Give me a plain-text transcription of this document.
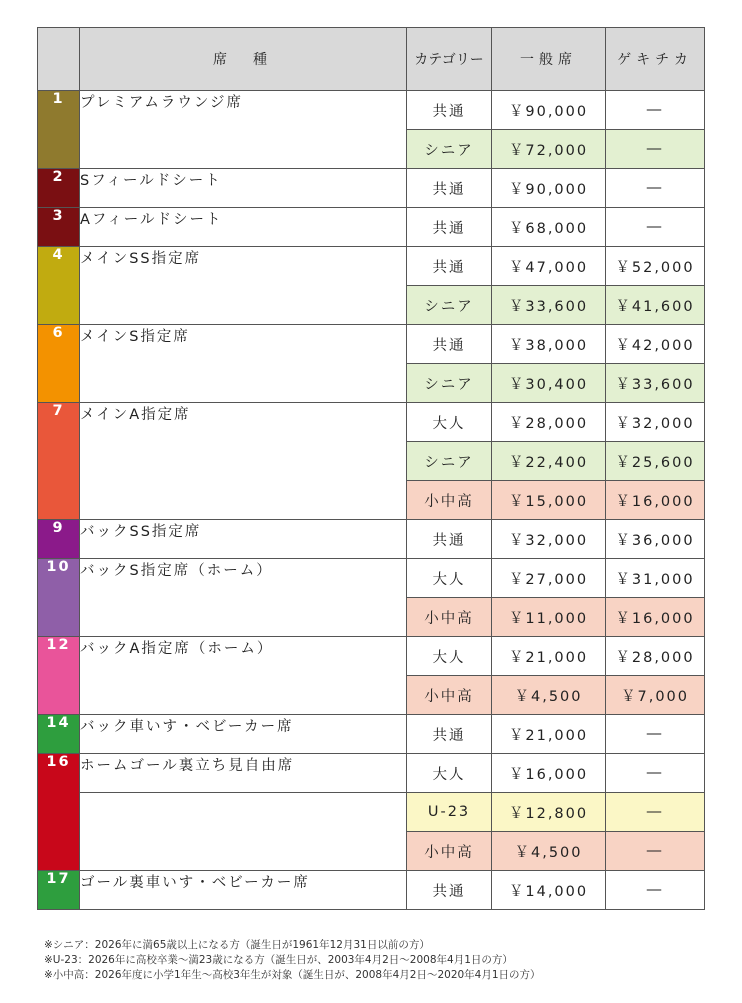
	席　種	カテゴリー	一般席	ゲキチカ
1	プレミアムラウンジ席	共通	￥90,000	―
		シニア	￥72,000	―
2	Sフィールドシート	共通	￥90,000	―
3	Aフィールドシート	共通	￥68,000	―
4	メインSS指定席	共通	￥47,000	￥52,000
		シニア	￥33,600	￥41,600
6	メインS指定席	共通	￥38,000	￥42,000
		シニア	￥30,400	￥33,600
7	メインA指定席	大人	￥28,000	￥32,000
		シニア	￥22,400	￥25,600
		小中高	￥15,000	￥16,000
9	バックSS指定席	共通	￥32,000	￥36,000
10	バックS指定席（ホーム）	大人	￥27,000	￥31,000
		小中高	￥11,000	￥16,000
12	バックA指定席（ホーム）	大人	￥21,000	￥28,000
		小中高	￥4,500	￥7,000
14	バック車いす・ベビーカー席	共通	￥21,000	―
16	ホームゴール裏立ち見自由席	大人	￥16,000	―
		U-23	￥12,800	―
		小中高	￥4,500	―
17	ゴール裏車いす・ベビーカー席	共通	￥14,000	―
※シニア：2026年に満65歳以上になる方（誕生日が1961年12月31日以前の方）
※U-23：2026年に高校卒業～満23歳になる方（誕生日が、2003年4月2日～2008年4月1日の方）
※小中高：2026年度に小学1年生～高校3年生が対象（誕生日が、2008年4月2日～2020年4月1日の方）
